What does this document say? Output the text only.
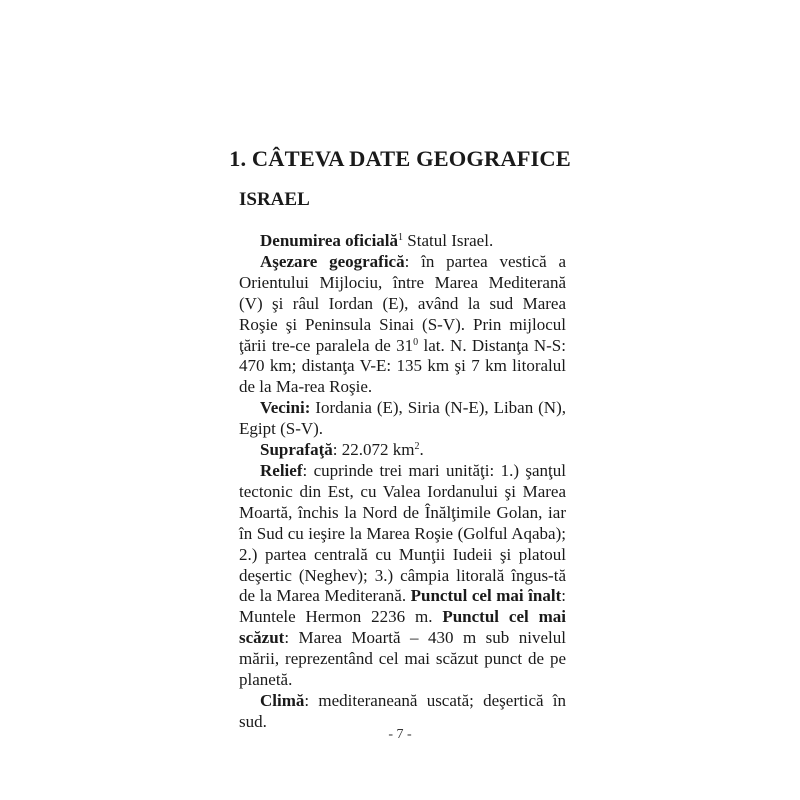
1. CÂTEVA DATE GEOGRAFICE
ISRAEL

Denumirea oficială$^1$ Statul Israel.

Aşezare geografică: în partea vestică a Orientului Mijlociu, între Marea Mediterană (V) şi râul Iordan (E), având la sud Marea Roşie şi Peninsula Sinai (S-V). Prin mijlocul ţării tre-ce paralela de $31^0$ lat. N. Distanţa N-S: 470 km; distanţa V-E: 135 km şi 7 km litoralul de la Ma-rea Roşie.

Vecini: Iordania (E), Siria (N-E), Liban (N), Egipt (S-V).

Suprafaţă: 22.072 $km^2$.

Relief: cuprinde trei mari unităţi: 1.) şanţul tectonic din Est, cu Valea Iordanului şi Marea Moartă, închis la Nord de Înălţimile Golan, iar în Sud cu ieşire la Marea Roşie (Golful Aqaba); 2.) partea centrală cu Munţii Iudeii şi platoul deşertic (Neghev); 3.) câmpia litorală îngus-tă de la Marea Mediterană. Punctul cel mai înalt: Muntele Hermon 2236 m. Punctul cel mai scăzut: Marea Moartă – 430 m sub nivelul mării, reprezentând cel mai scăzut punct de pe planetă.

Climă: mediteraneană uscată; deşertică în sud.

- 7 -
